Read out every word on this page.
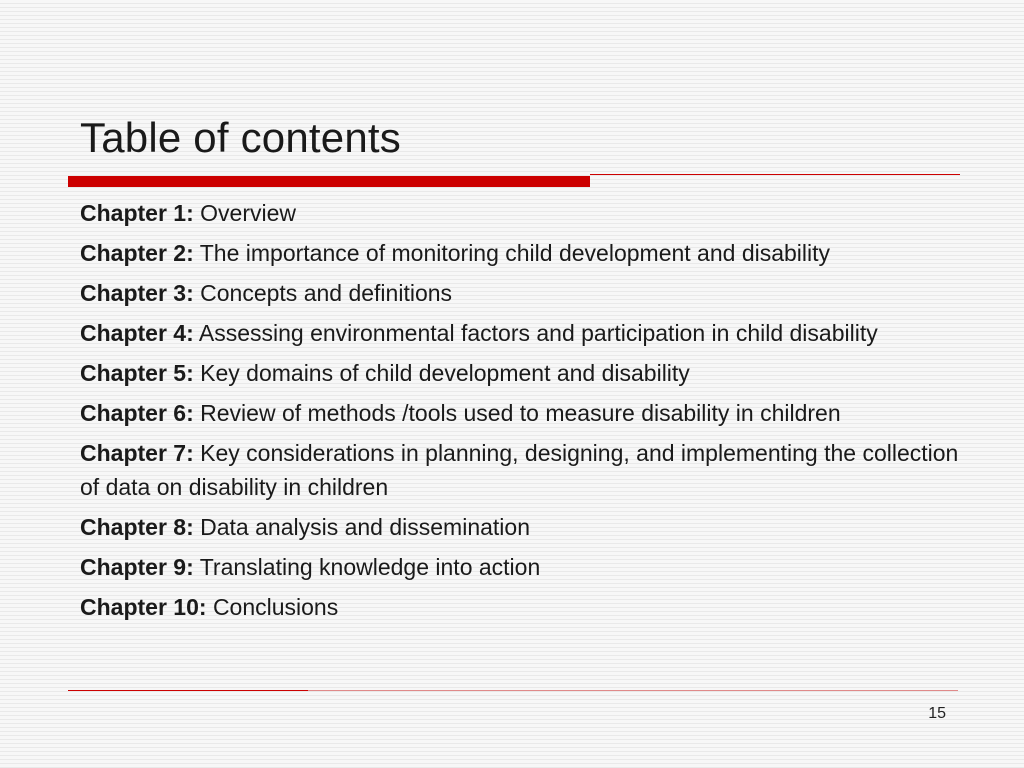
Table of contents
Chapter 1: Overview
Chapter 2: The importance of monitoring child development and disability
Chapter 3: Concepts and definitions
Chapter 4: Assessing environmental factors and participation in child disability
Chapter 5: Key domains of child development and disability
Chapter 6: Review of methods /tools used to measure disability in children
Chapter 7: Key considerations in planning, designing, and implementing the collection of data on disability in children
Chapter 8: Data analysis and dissemination
Chapter 9: Translating knowledge into action
Chapter 10: Conclusions
15
